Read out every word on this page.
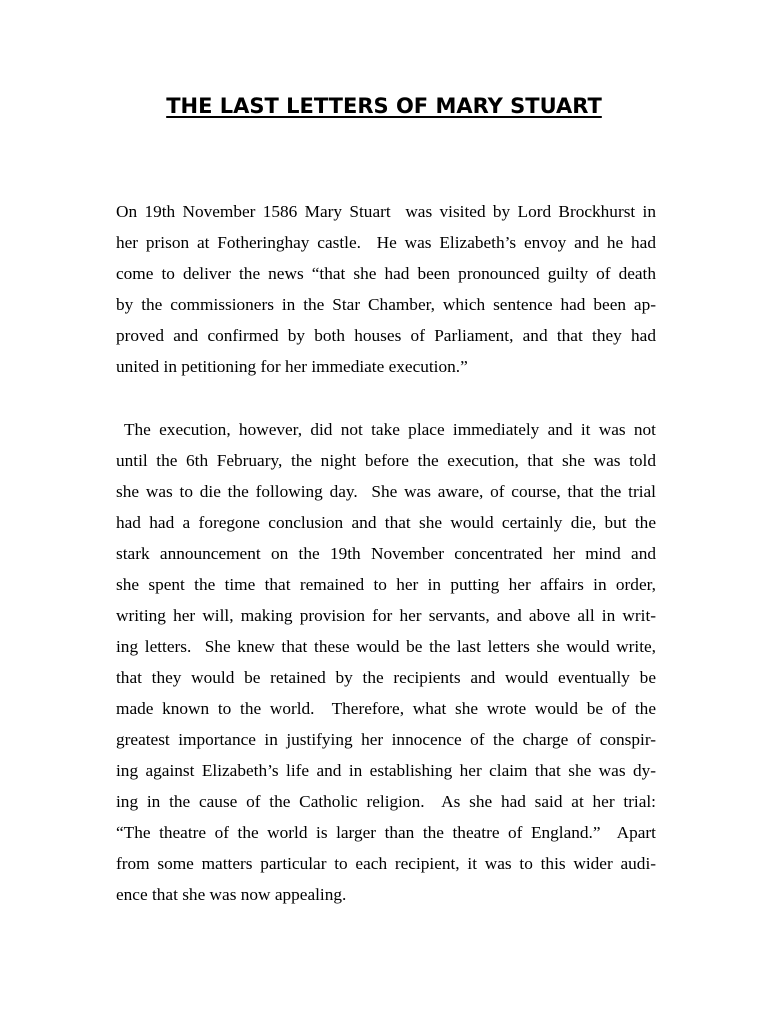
THE LAST LETTERS OF MARY STUART
On 19th November 1586 Mary Stuart  was visited by Lord Brockhurst in
her prison at Fotheringhay castle.  He was Elizabeth’s envoy and he had
come to deliver the news “that she had been pronounced guilty of death
by the commissioners in the Star Chamber, which sentence had been ap-
proved and confirmed by both houses of Parliament, and that they had
united in petitioning for her immediate execution.”
The execution, however, did not take place immediately and it was not
until the 6th February, the night before the execution, that she was told
she was to die the following day.  She was aware, of course, that the trial
had had a foregone conclusion and that she would certainly die, but the
stark announcement on the 19th November concentrated her mind and
she spent the time that remained to her in putting her affairs in order,
writing her will, making provision for her servants, and above all in writ-
ing letters.  She knew that these would be the last letters she would write,
that they would be retained by the recipients and would eventually be
made known to the world.  Therefore, what she wrote would be of the
greatest importance in justifying her innocence of the charge of conspir-
ing against Elizabeth’s life and in establishing her claim that she was dy-
ing in the cause of the Catholic religion.  As she had said at her trial:
“The theatre of the world is larger than the theatre of England.”  Apart
from some matters particular to each recipient, it was to this wider audi-
ence that she was now appealing.
